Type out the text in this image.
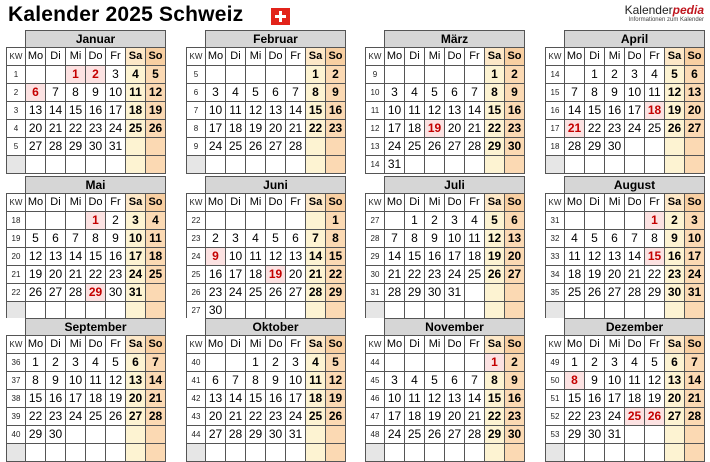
Kalender 2025 Schweiz	Kalenderpedia
Informationen zum Kalender
	Januar						
KW	Mo	Di	Mi	Do	Fr	Sa	So
1			1	2	3	4	5
2	6	7	8	9	10	11	12
3	13	14	15	16	17	18	19
4	20	21	22	23	24	25	26
5	27	28	29	30	31		

	Februar						
KW	Mo	Di	Mi	Do	Fr	Sa	So
5						1	2
6	3	4	5	6	7	8	9
7	10	11	12	13	14	15	16
8	17	18	19	20	21	22	23
9	24	25	26	27	28		

	März						
KW	Mo	Di	Mi	Do	Fr	Sa	So
9						1	2
10	3	4	5	6	7	8	9
11	10	11	12	13	14	15	16
12	17	18	19	20	21	22	23
13	24	25	26	27	28	29	30
14	31						
	April						
KW	Mo	Di	Mi	Do	Fr	Sa	So
14		1	2	3	4	5	6
15	7	8	9	10	11	12	13
16	14	15	16	17	18	19	20
17	21	22	23	24	25	26	27
18	28	29	30				

	Mai						
KW	Mo	Di	Mi	Do	Fr	Sa	So
18				1	2	3	4
19	5	6	7	8	9	10	11
20	12	13	14	15	16	17	18
21	19	20	21	22	23	24	25
22	26	27	28	29	30	31	

	Juni						
KW	Mo	Di	Mi	Do	Fr	Sa	So
22							1
23	2	3	4	5	6	7	8
24	9	10	11	12	13	14	15
25	16	17	18	19	20	21	22
26	23	24	25	26	27	28	29
27	30						
	Juli						
KW	Mo	Di	Mi	Do	Fr	Sa	So
27		1	2	3	4	5	6
28	7	8	9	10	11	12	13
29	14	15	16	17	18	19	20
30	21	22	23	24	25	26	27
31	28	29	30	31			

	August						
KW	Mo	Di	Mi	Do	Fr	Sa	So
31					1	2	3
32	4	5	6	7	8	9	10
33	11	12	13	14	15	16	17
34	18	19	20	21	22	23	24
35	25	26	27	28	29	30	31

	September						
KW	Mo	Di	Mi	Do	Fr	Sa	So
36	1	2	3	4	5	6	7
37	8	9	10	11	12	13	14
38	15	16	17	18	19	20	21
39	22	23	24	25	26	27	28
40	29	30					

	Oktober						
KW	Mo	Di	Mi	Do	Fr	Sa	So
40			1	2	3	4	5
41	6	7	8	9	10	11	12
42	13	14	15	16	17	18	19
43	20	21	22	23	24	25	26
44	27	28	29	30	31		

	November						
KW	Mo	Di	Mi	Do	Fr	Sa	So
44						1	2
45	3	4	5	6	7	8	9
46	10	11	12	13	14	15	16
47	17	18	19	20	21	22	23
48	24	25	26	27	28	29	30

	Dezember						
KW	Mo	Di	Mi	Do	Fr	Sa	So
49	1	2	3	4	5	6	7
50	8	9	10	11	12	13	14
51	15	16	17	18	19	20	21
52	22	23	24	25	26	27	28
53	29	30	31				
